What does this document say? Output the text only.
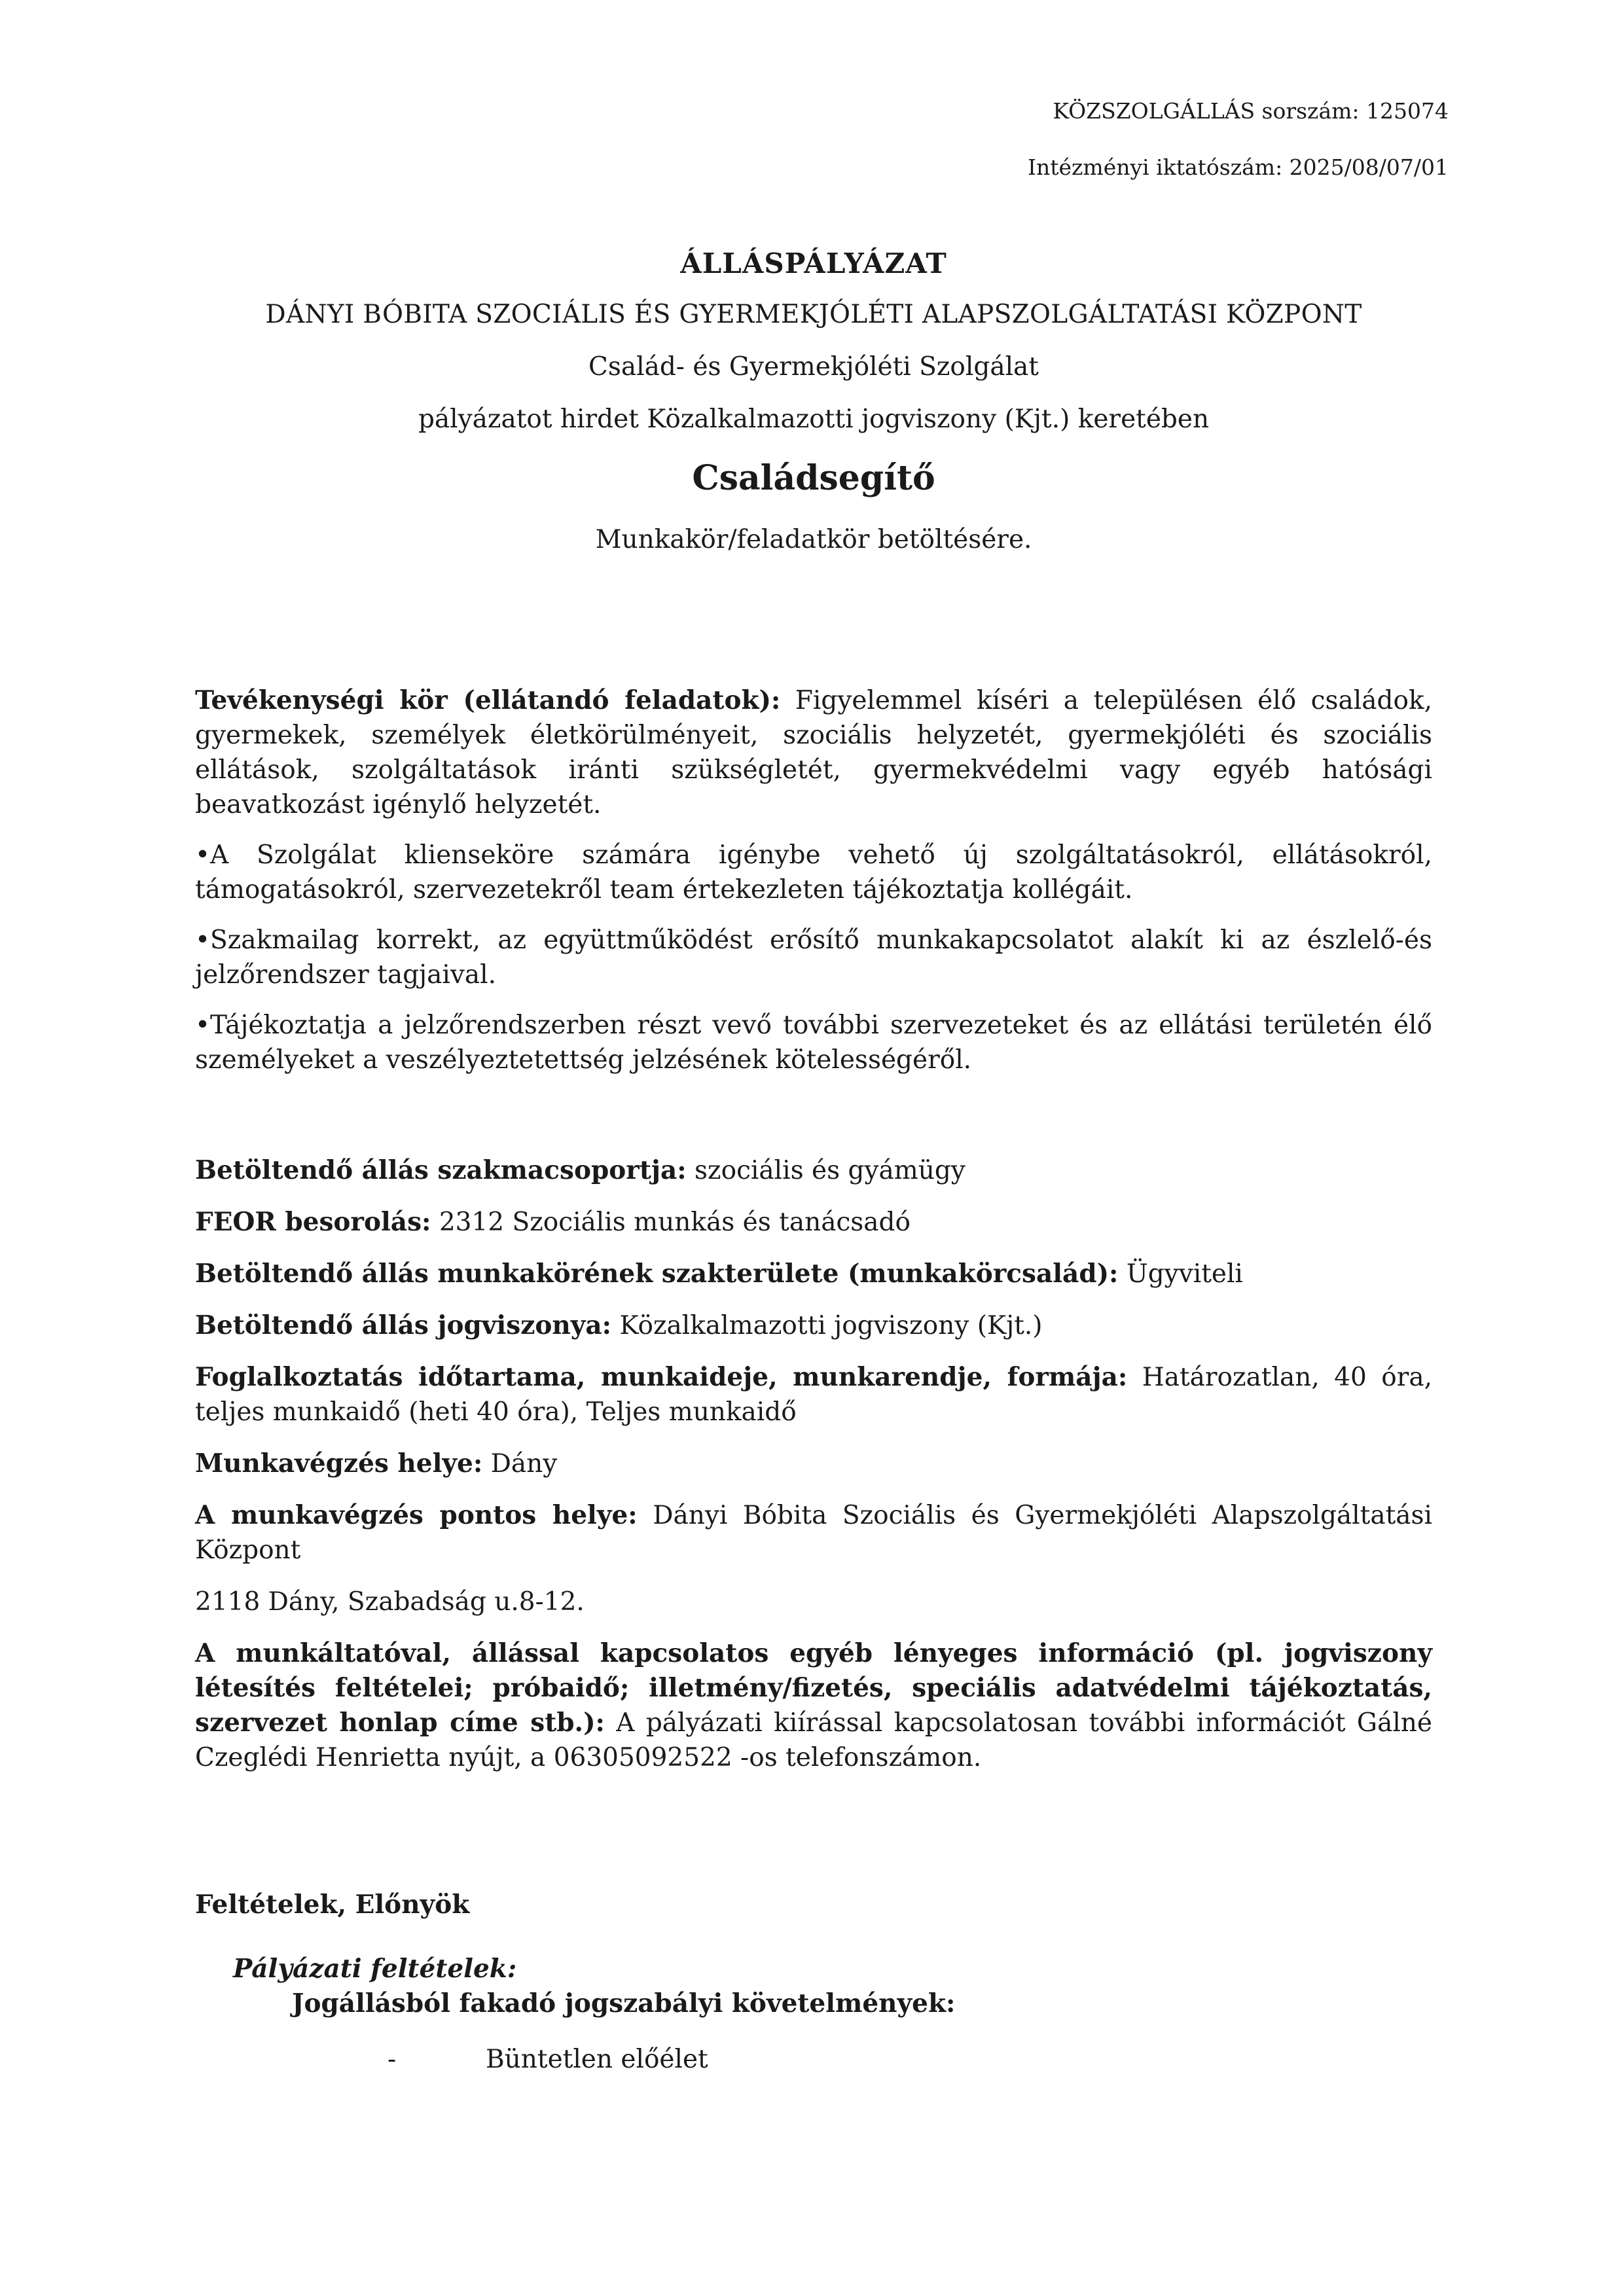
KÖZSZOLGÁLLÁS sorszám: 125074
Intézményi iktatószám: 2025/08/07/01
ÁLLÁSPÁLYÁZAT
DÁNYI BÓBITA SZOCIÁLIS ÉS GYERMEKJÓLÉTI ALAPSZOLGÁLTATÁSI KÖZPONT
Család- és Gyermekjóléti Szolgálat
pályázatot hirdet Közalkalmazotti jogviszony (Kjt.) keretében
Családsegítő
Munkakör/feladatkör betöltésére.

Tevékenységi kör (ellátandó feladatok): Figyelemmel kíséri a településen élő családok, gyermekek, személyek életkörülményeit, szociális helyzetét, gyermekjóléti és szociális ellátások, szolgáltatások iránti szükségletét, gyermekvédelmi vagy egyéb hatósági beavatkozást igénylő helyzetét.

•A Szolgálat klienseköre számára igénybe vehető új szolgáltatásokról, ellátásokról, támogatásokról, szervezetekről team értekezleten tájékoztatja kollégáit.

•Szakmailag korrekt, az együttműködést erősítő munkakapcsolatot alakít ki az észlelő-és jelzőrendszer tagjaival.

•Tájékoztatja a jelzőrendszerben részt vevő további szervezeteket és az ellátási területén élő személyeket a veszélyeztetettség jelzésének kötelességéről.

Betöltendő állás szakmacsoportja: szociális és gyámügy

FEOR besorolás: 2312 Szociális munkás és tanácsadó

Betöltendő állás munkakörének szakterülete (munkakörcsalád): Ügyviteli

Betöltendő állás jogviszonya: Közalkalmazotti jogviszony (Kjt.)

Foglalkoztatás időtartama, munkaideje, munkarendje, formája: Határozatlan, 40 óra, teljes munkaidő (heti 40 óra), Teljes munkaidő

Munkavégzés helye: Dány

A munkavégzés pontos helye: Dányi Bóbita Szociális és Gyermekjóléti Alapszolgáltatási Központ

2118 Dány, Szabadság u.8-12.

A munkáltatóval, állással kapcsolatos egyéb lényeges információ (pl. jogviszony létesítés feltételei; próbaidő; illetmény/fizetés, speciális adatvédelmi tájékoztatás, szervezet honlap címe stb.): A pályázati kiírással kapcsolatosan további információt Gálné Czeglédi Henrietta nyújt, a 06305092522 -os telefonszámon.

Feltételek, Előnyök
Pályázati feltételek:
Jogállásból fakadó jogszabályi követelmények:
-	Büntetlen előélet
